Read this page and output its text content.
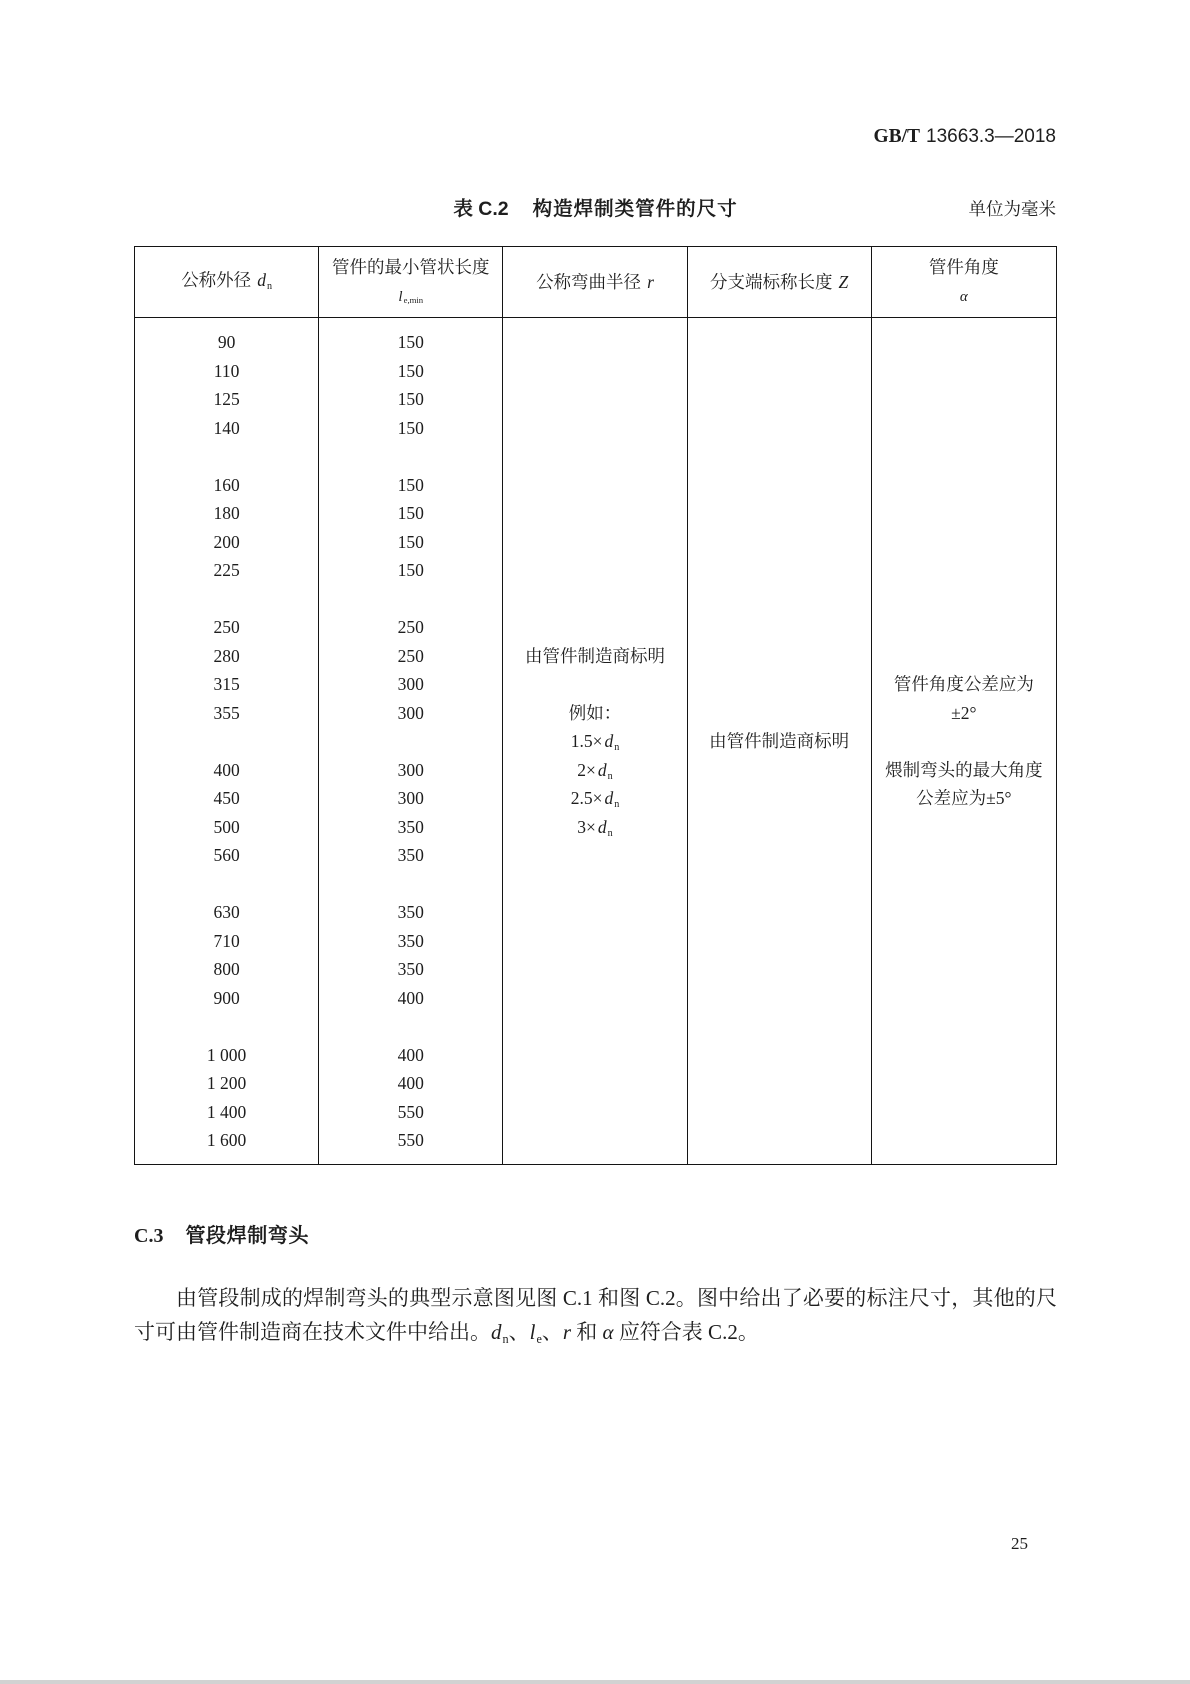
GB/T 13663.3—2018
表 C.2 构造焊制类管件的尺寸	单位为毫米
公称外径 dn
管件的最小管状长度
le,min
公称弯曲半径 r	分支端标称长度 Z
管件角度
α
90
110
125
140
160
180
200
225
250
280
315
355
400
450
500
560
630
710
800
900
1 000
1 200
1 400
1 600
150
150
150
150
150
150
150
150
250
250
300
300
300
300
350
350
350
350
350
400
400
400
550
550
由管件制造商标明
例如：
1.5× dn
2× dn
2.5× dn
3× dn
由管件制造商标明
管件角度公差应为
±2°
煨制弯头的最大角度
公差应为±5°
C.3 管段焊制弯头
由管段制成的焊制弯头的典型示意图见图 C.1 和图 C.2。图中给出了必要的标注尺寸，其他的尺
寸可由管件制造商在技术文件中给出。dn、le、r 和 α 应符合表 C.2。
25
